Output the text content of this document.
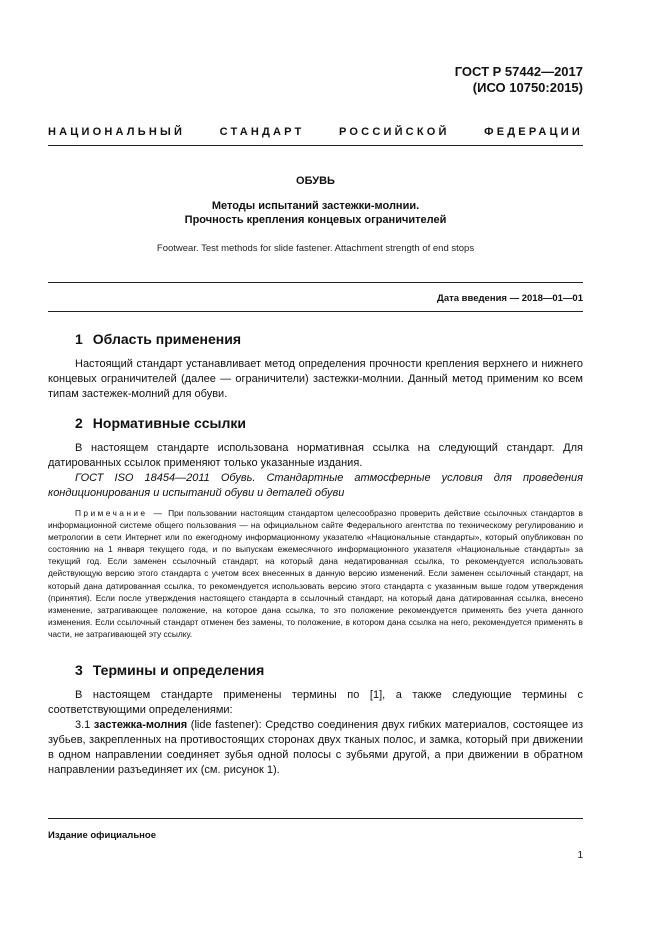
ГОСТ Р 57442—2017
(ИСО 10750:2015)
НАЦИОНАЛЬНЫЙ СТАНДАРТ РОССИЙСКОЙ ФЕДЕРАЦИИ
ОБУВЬ
Методы испытаний застежки-молнии.
Прочность крепления концевых ограничителей
Footwear. Test methods for slide fastener. Attachment strength of end stops
Дата введения — 2018—01—01
1 Область применения

Настоящий стандарт устанавливает метод определения прочности крепления верхнего и нижнего концевых ограничителей (далее — ограничители) застежки-молнии. Данный метод применим ко всем типам застежек-молний для обуви.

2 Нормативные ссылки

В настоящем стандарте использована нормативная ссылка на следующий стандарт. Для датированных ссылок применяют только указанные издания.

ГОСТ ISO 18454—2011 Обувь. Стандартные атмосферные условия для проведения кондиционирования и испытаний обуви и деталей обуви

Примечание — При пользовании настоящим стандартом целесообразно проверить действие ссылочных стандартов в информационной системе общего пользования — на официальном сайте Федерального агентства по техническому регулированию и метрологии в сети Интернет или по ежегодному информационному указателю «Национальные стандарты», который опубликован по состоянию на 1 января текущего года, и по выпускам ежемесячного информационного указателя «Национальные стандарты» за текущий год. Если заменен ссылочный стандарт, на который дана недатированная ссылка, то рекомендуется использовать действующую версию этого стандарта с учетом всех внесенных в данную версию изменений. Если заменен ссылочный стандарт, на который дана датированная ссылка, то рекомендуется использовать версию этого стандарта с указанным выше годом утверждения (принятия). Если после утверждения настоящего стандарта в ссылочный стандарт, на который дана датированная ссылка, внесено изменение, затрагивающее положение, на которое дана ссылка, то это положение рекомендуется применять без учета данного изменения. Если ссылочный стандарт отменен без замены, то положение, в котором дана ссылка на него, рекомендуется применять в части, не затрагивающей эту ссылку.

3 Термины и определения

В настоящем стандарте применены термины по [1], а также следующие термины с соответствующими определениями:

3.1 застежка-молния (lide fastener): Средство соединения двух гибких материалов, состоящее из зубьев, закрепленных на противостоящих сторонах двух тканых полос, и замка, который при движении в одном направлении соединяет зубья одной полосы с зубьями другой, а при движении в обратном направлении разъединяет их (см. рисунок 1).

Издание официальное
1
